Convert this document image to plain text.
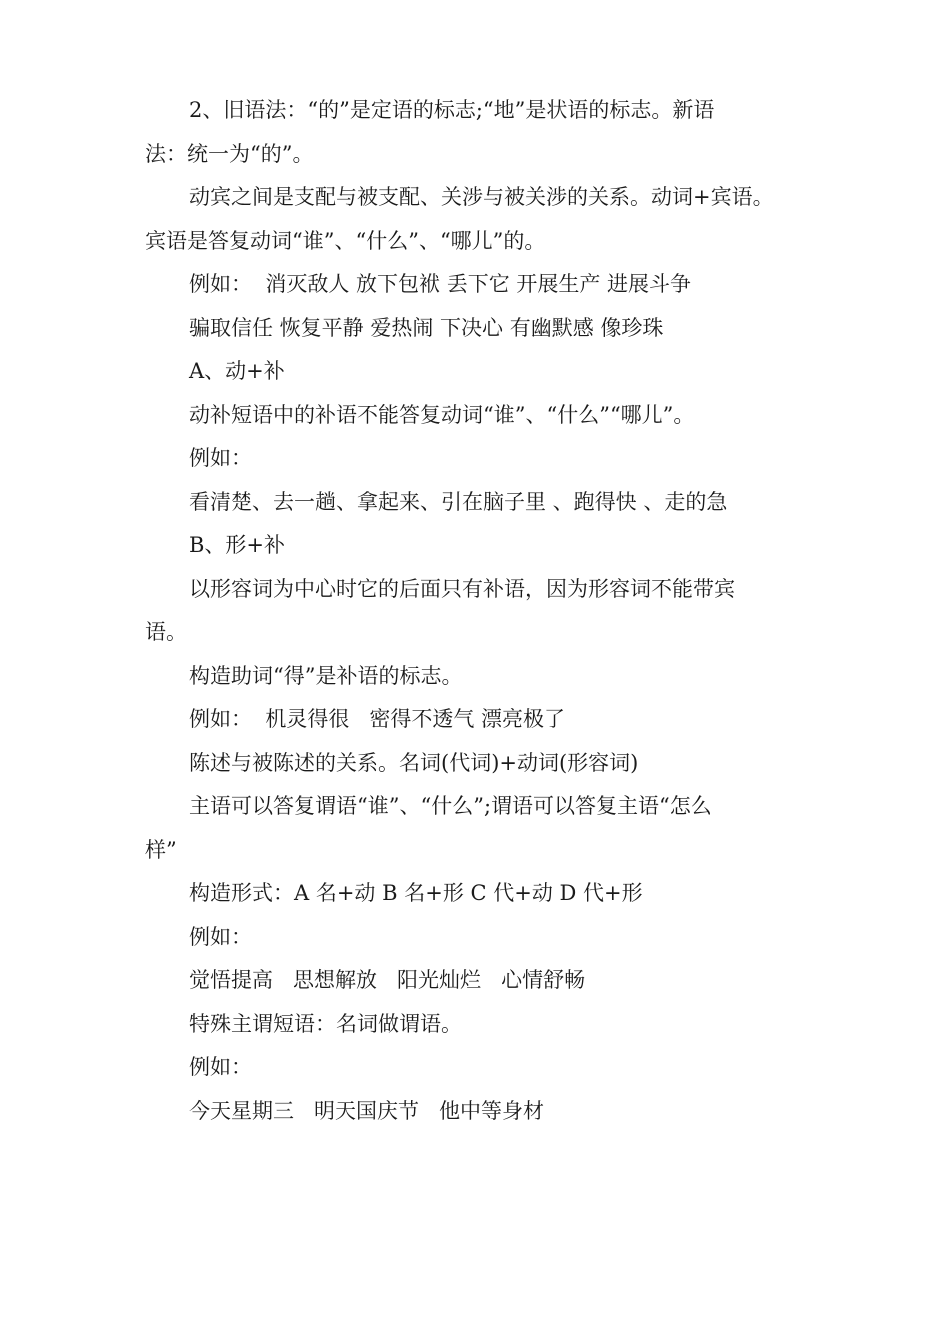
2、旧语法：“的”是定语的标志;“地”是状语的标志。新语

法：统一为“的”。

动宾之间是支配与被支配、关涉与被关涉的关系。动词+宾语。

宾语是答复动词“谁”、“什么”、“哪儿”的。

例如：  消灭敌人 放下包袱 丢下它 开展生产 进展斗争

骗取信任 恢复平静 爱热闹 下决心 有幽默感 像珍珠

A、动+补

动补短语中的补语不能答复动词“谁”、“什么”“哪儿”。

例如：

看清楚、去一趟、拿起来、引在脑子里 、跑得快 、走的急

B、形+补

以形容词为中心时它的后面只有补语，因为形容词不能带宾

语。

构造助词“得”是补语的标志。

例如：  机灵得很   密得不透气 漂亮极了

陈述与被陈述的关系。名词(代词)+动词(形容词)

主语可以答复谓语“谁”、“什么”;谓语可以答复主语“怎么

样”

构造形式：A 名+动 B 名+形 C 代+动 D 代+形

例如：

觉悟提高   思想解放   阳光灿烂   心情舒畅

特殊主谓短语：名词做谓语。

例如：

今天星期三   明天国庆节   他中等身材
